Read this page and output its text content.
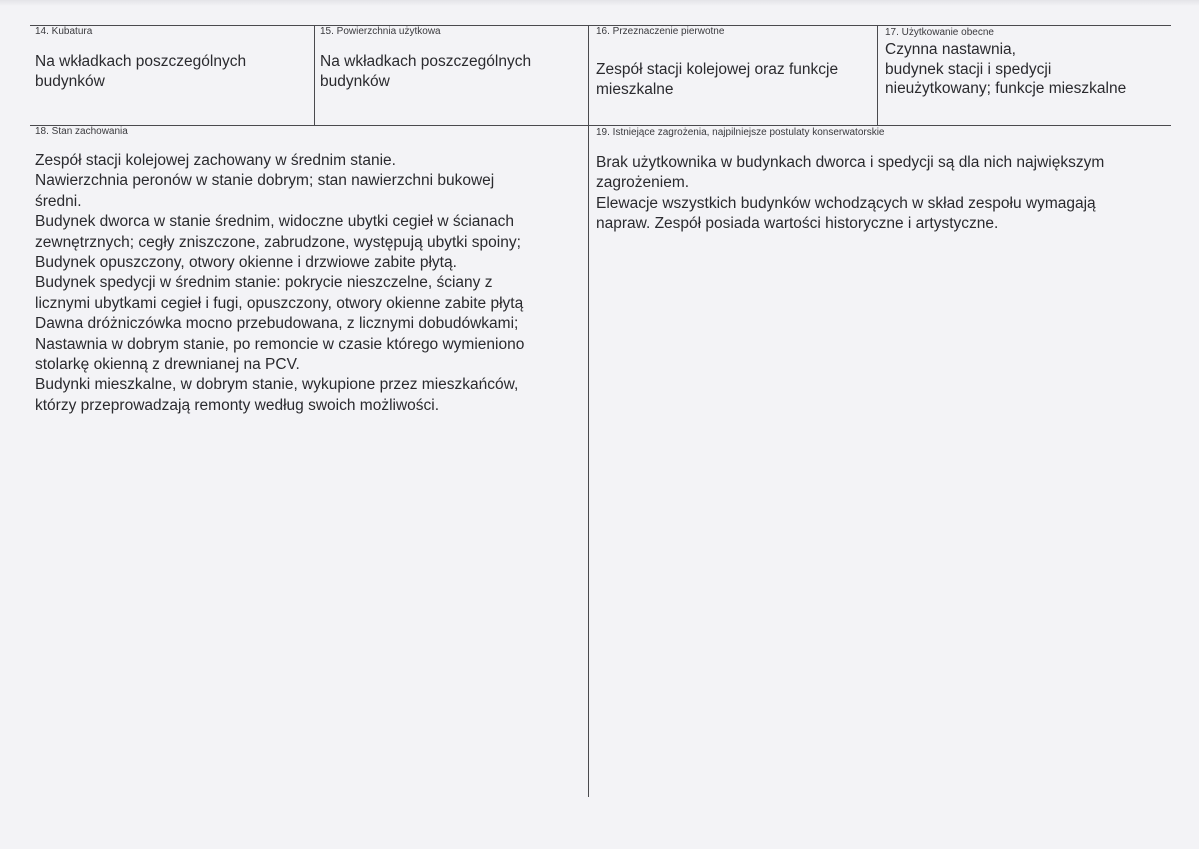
14. Kubatura
Na wkładkach poszczególnych
budynków
15. Powierzchnia użytkowa
Na wkładkach poszczególnych
budynków
16. Przeznaczenie pierwotne
Zespół stacji kolejowej oraz funkcje
mieszkalne
17. Użytkowanie obecne
Czynna nastawnia,
budynek stacji i spedycji
nieużytkowany; funkcje mieszkalne
18. Stan zachowania
Zespół stacji kolejowej zachowany w średnim stanie.
Nawierzchnia peronów w stanie dobrym; stan nawierzchni bukowej
średni.
Budynek dworca w stanie średnim, widoczne ubytki cegieł w ścianach
zewnętrznych; cegły zniszczone, zabrudzone, występują ubytki spoiny;
Budynek opuszczony, otwory okienne i drzwiowe zabite płytą.
Budynek spedycji w średnim stanie: pokrycie nieszczelne, ściany z
licznymi ubytkami cegieł i fugi, opuszczony, otwory okienne zabite płytą
Dawna dróżniczówka mocno przebudowana, z licznymi dobudówkami;
Nastawnia w dobrym stanie, po remoncie w czasie którego wymieniono
stolarkę okienną z drewnianej na PCV.
Budynki mieszkalne, w dobrym stanie, wykupione przez mieszkańców,
którzy przeprowadzają remonty według swoich możliwości.
19. Istniejące zagrożenia, najpilniejsze postulaty konserwatorskie
Brak użytkownika w budynkach dworca i spedycji są dla nich największym
zagrożeniem.
Elewacje wszystkich budynków wchodzących w skład zespołu wymagają
napraw. Zespół posiada wartości historyczne i artystyczne.
